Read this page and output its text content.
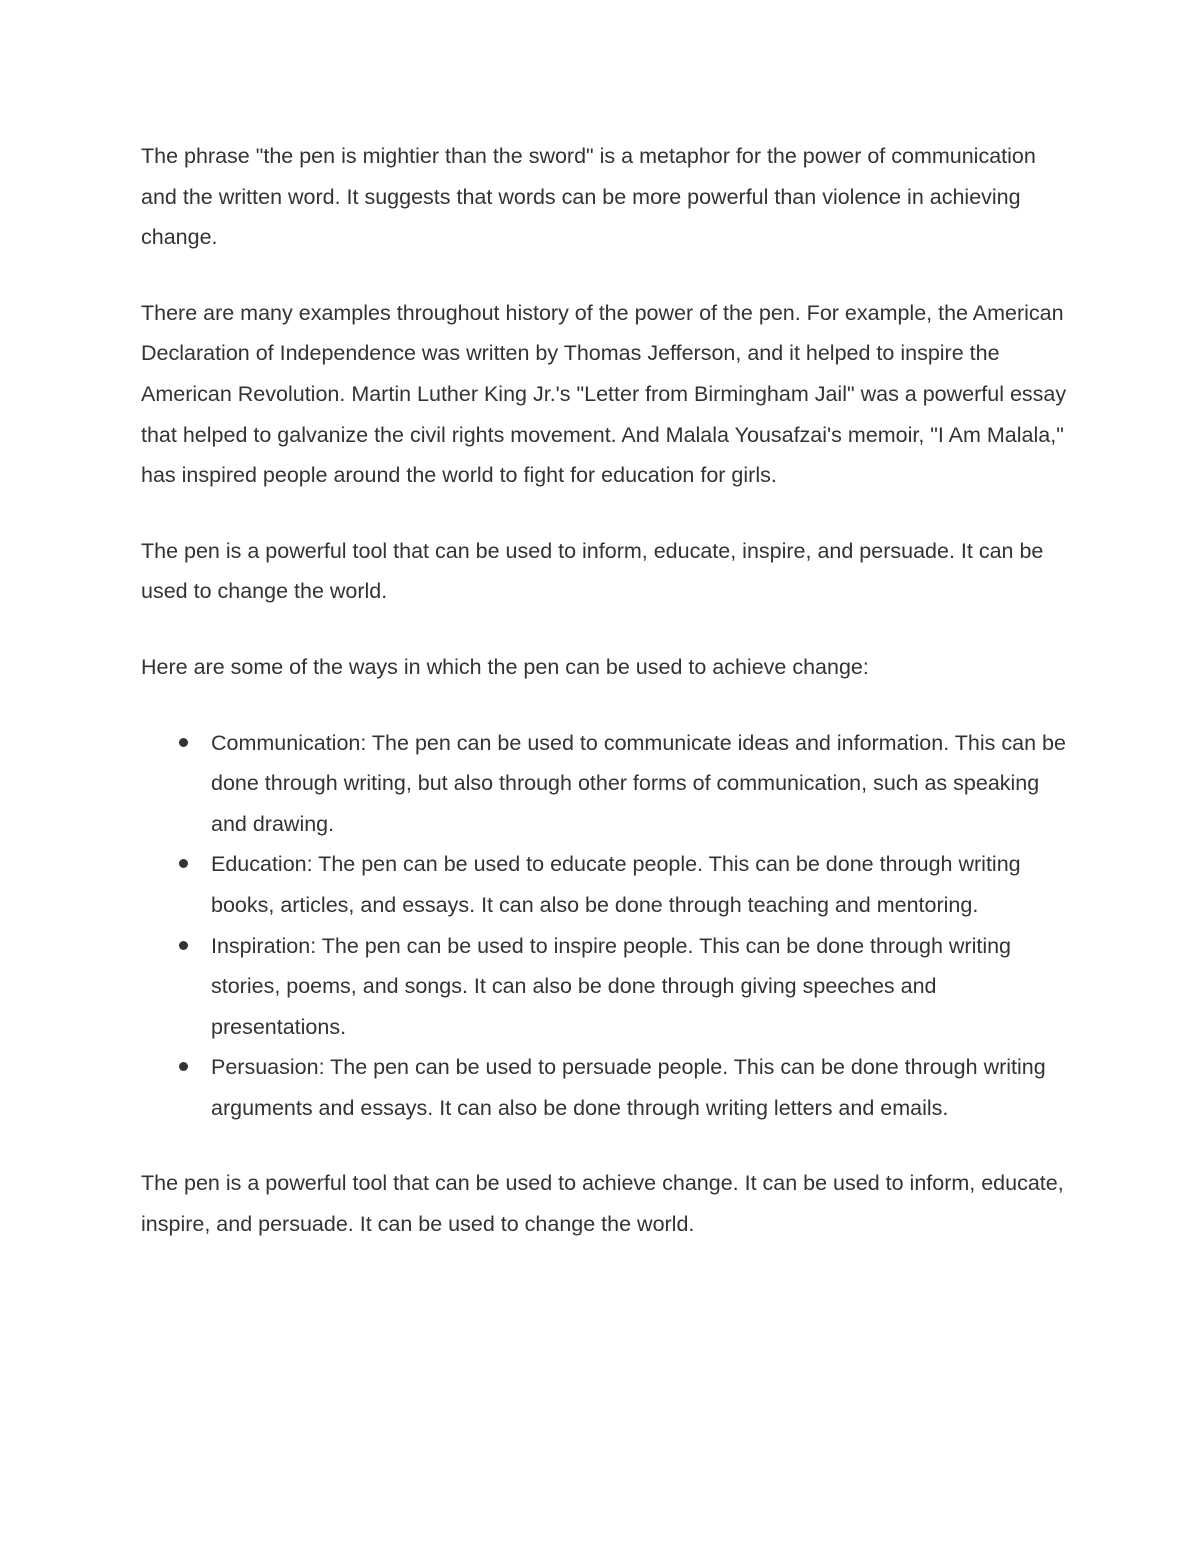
The phrase "the pen is mightier than the sword" is a metaphor for the power of communication and the written word. It suggests that words can be more powerful than violence in achieving change.

There are many examples throughout history of the power of the pen. For example, the American Declaration of Independence was written by Thomas Jefferson, and it helped to inspire the American Revolution. Martin Luther King Jr.'s "Letter from Birmingham Jail" was a powerful essay that helped to galvanize the civil rights movement. And Malala Yousafzai's memoir, "I Am Malala," has inspired people around the world to fight for education for girls.

The pen is a powerful tool that can be used to inform, educate, inspire, and persuade. It can be used to change the world.

Here are some of the ways in which the pen can be used to achieve change:

Communication: The pen can be used to communicate ideas and information. This can be done through writing, but also through other forms of communication, such as speaking and drawing.
Education: The pen can be used to educate people. This can be done through writing books, articles, and essays. It can also be done through teaching and mentoring.
Inspiration: The pen can be used to inspire people. This can be done through writing stories, poems, and songs. It can also be done through giving speeches and presentations.
Persuasion: The pen can be used to persuade people. This can be done through writing arguments and essays. It can also be done through writing letters and emails.

The pen is a powerful tool that can be used to achieve change. It can be used to inform, educate, inspire, and persuade. It can be used to change the world.
